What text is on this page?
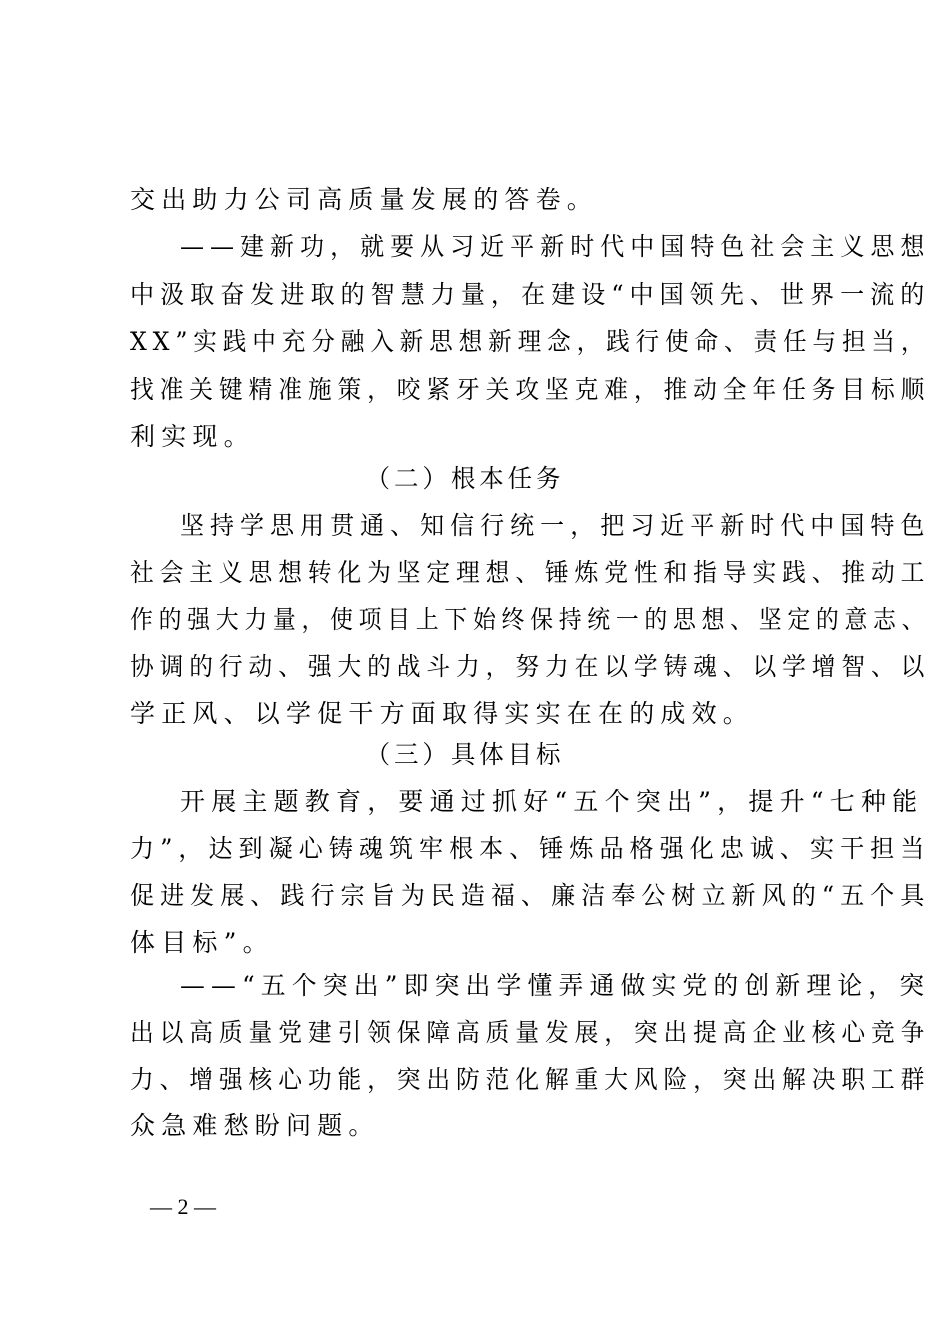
交出助力公司高质量发展的答卷。
——建新功，就要从习近平新时代中国特色社会主义思想
中汲取奋发进取的智慧力量，在建设“中国领先、世界一流的
XX”实践中充分融入新思想新理念，践行使命、责任与担当，
找准关键精准施策，咬紧牙关攻坚克难，推动全年任务目标顺
利实现。
（二）根本任务
坚持学思用贯通、知信行统一，把习近平新时代中国特色
社会主义思想转化为坚定理想、锤炼党性和指导实践、推动工
作的强大力量，使项目上下始终保持统一的思想、坚定的意志、
协调的行动、强大的战斗力，努力在以学铸魂、以学增智、以
学正风、以学促干方面取得实实在在的成效。
（三）具体目标
开展主题教育，要通过抓好“五个突出”，提升“七种能
力”，达到凝心铸魂筑牢根本、锤炼品格强化忠诚、实干担当
促进发展、践行宗旨为民造福、廉洁奉公树立新风的“五个具
体目标”。
——“五个突出”即突出学懂弄通做实党的创新理论，突
出以高质量党建引领保障高质量发展，突出提高企业核心竞争
力、增强核心功能，突出防范化解重大风险，突出解决职工群
众急难愁盼问题。
— 2 —
